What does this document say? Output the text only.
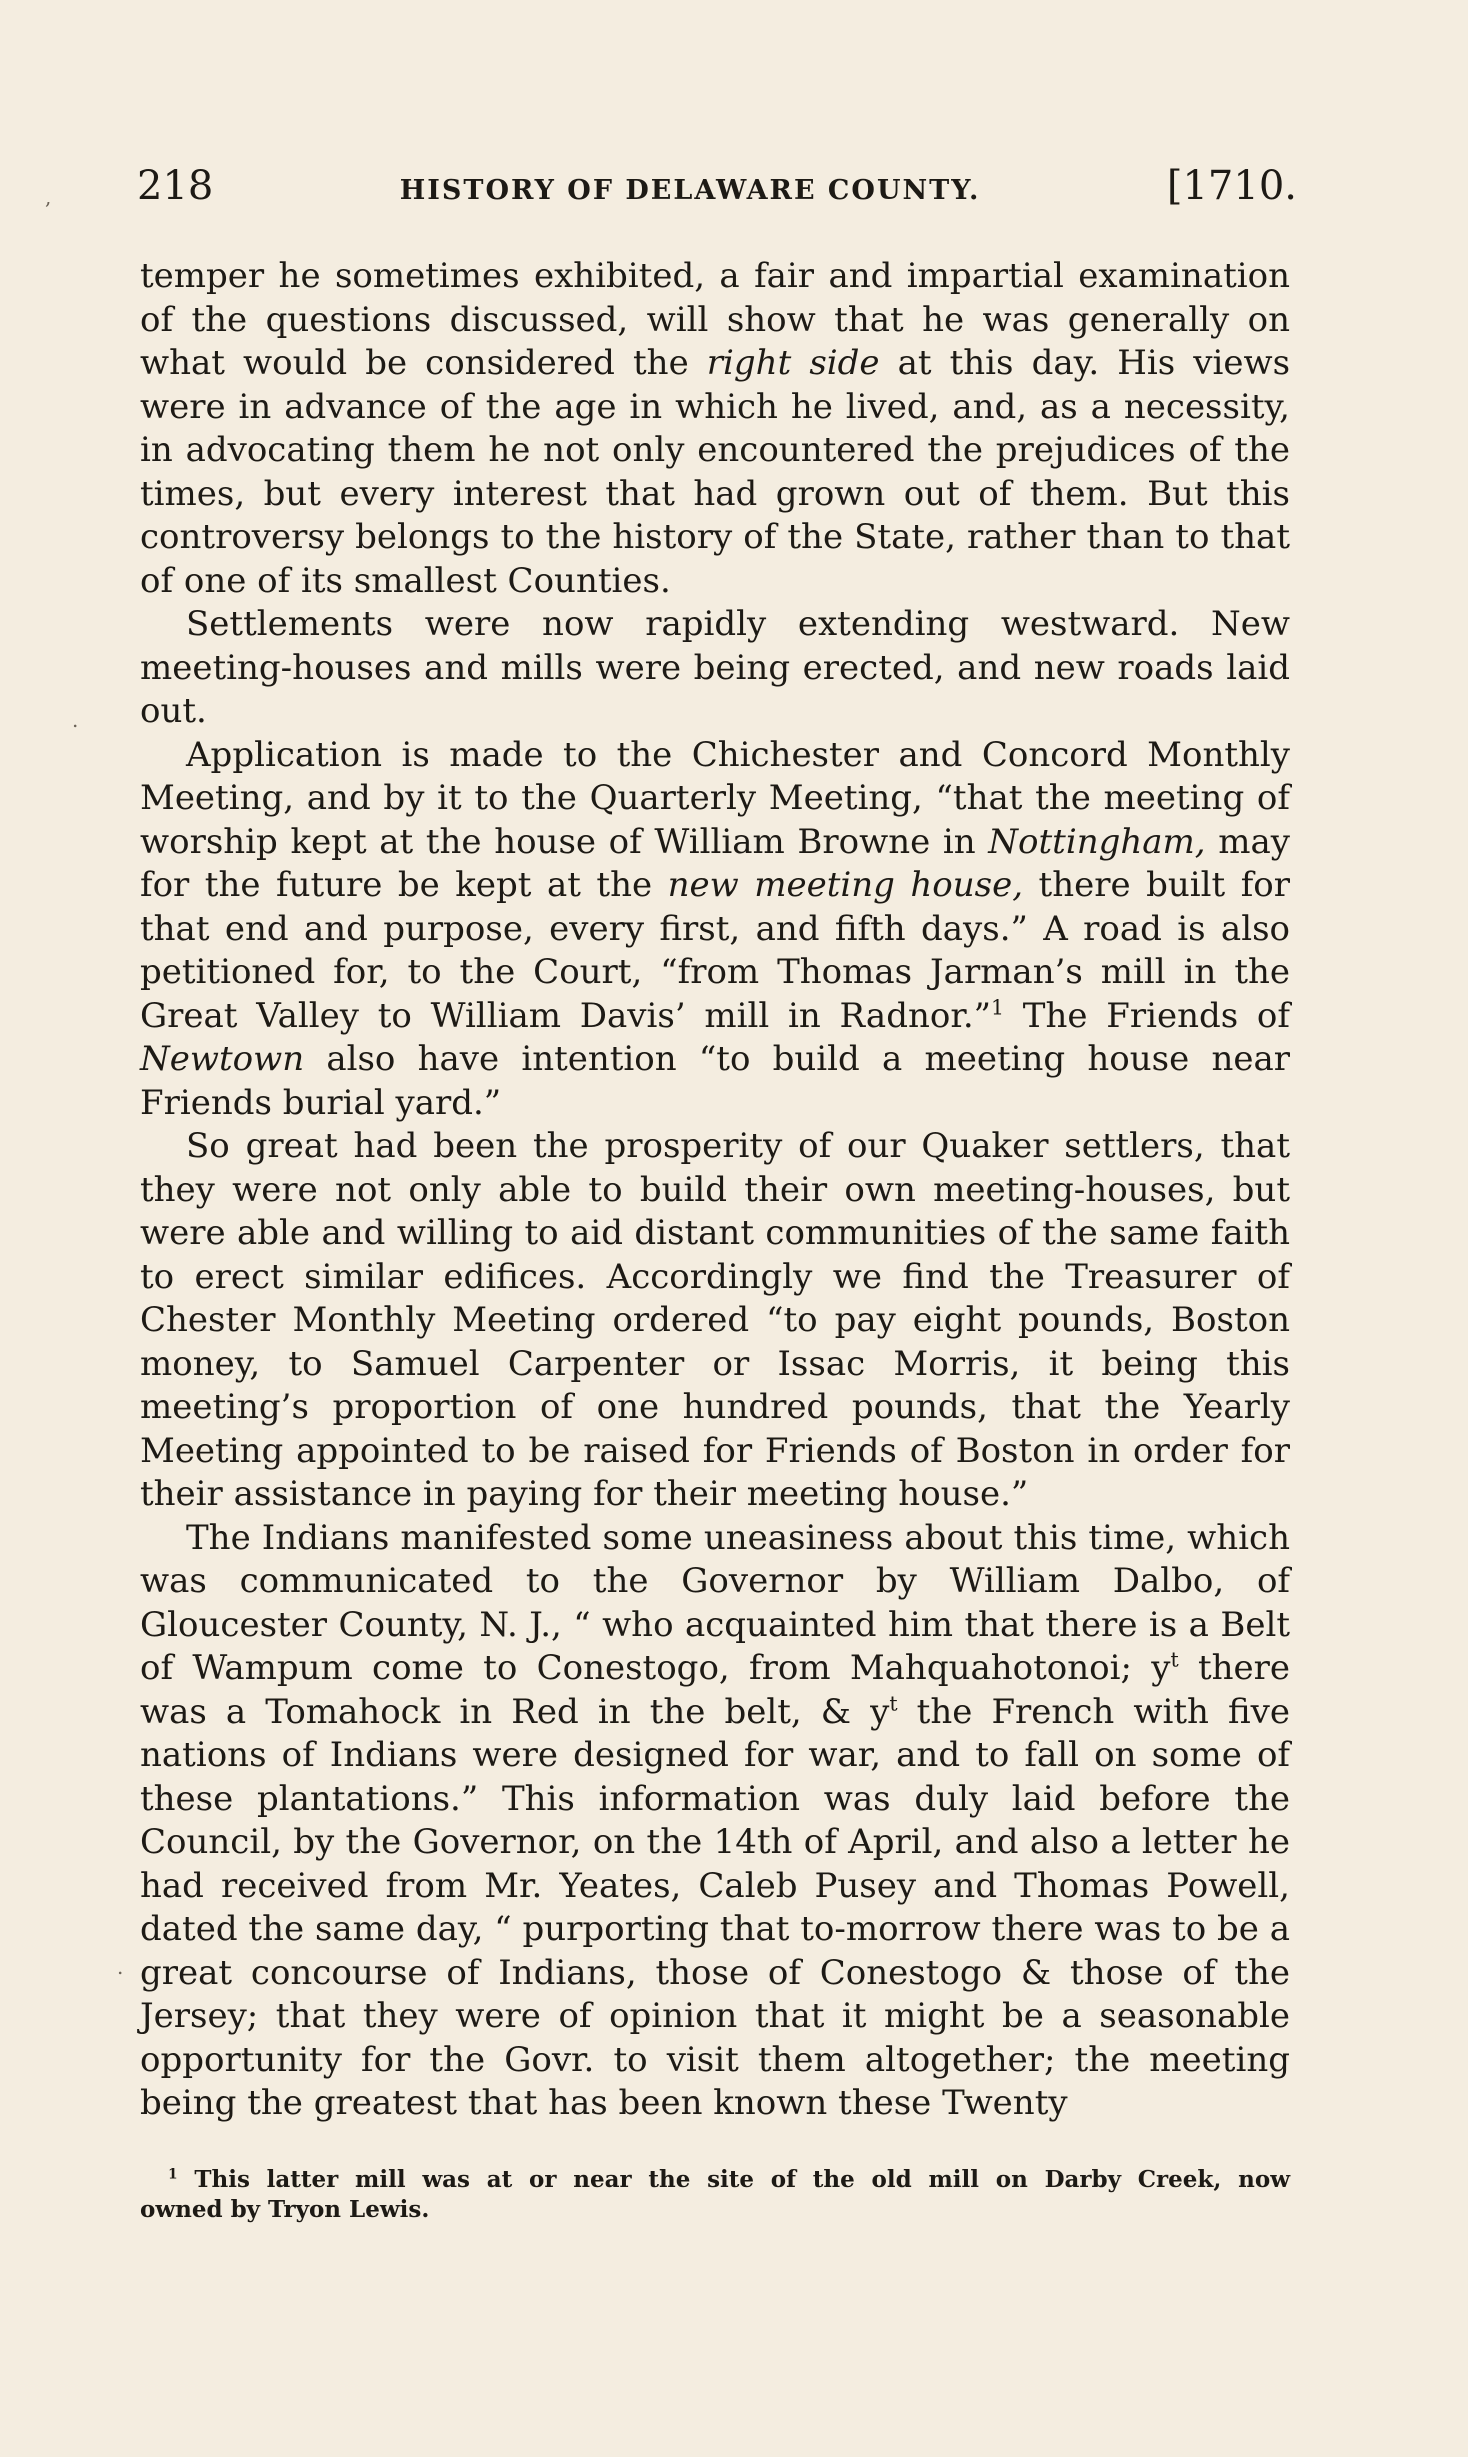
218	HISTORY OF DELAWARE COUNTY.	[1710.

temper he sometimes exhibited, a fair and impartial examination of the questions discussed, will show that he was generally on what would be considered the right side at this day. His views were in advance of the age in which he lived, and, as a necessity, in advocating them he not only encountered the prejudices of the times, but every interest that had grown out of them. But this controversy belongs to the history of the State, rather than to that of one of its smallest Counties.

Settlements were now rapidly extending westward. New meeting-houses and mills were being erected, and new roads laid out.

Application is made to the Chichester and Concord Monthly Meeting, and by it to the Quarterly Meeting, “that the meeting of worship kept at the house of William Browne in Nottingham, may for the future be kept at the new meeting house, there built for that end and purpose, every first, and fifth days.” A road is also petitioned for, to the Court, “from Thomas Jarman’s mill in the Great Valley to William Davis’ mill in Radnor.”$^1$ The Friends of Newtown also have intention “to build a meeting house near Friends burial yard.”

So great had been the prosperity of our Quaker settlers, that they were not only able to build their own meeting-houses, but were able and willing to aid distant communities of the same faith to erect similar edifices. Accordingly we find the Treasurer of Chester Monthly Meeting ordered “to pay eight pounds, Boston money, to Samuel Carpenter or Issac Morris, it being this meeting’s proportion of one hundred pounds, that the Yearly Meeting appointed to be raised for Friends of Boston in order for their assistance in paying for their meeting house.”

The Indians manifested some uneasiness about this time, which was communicated to the Governor by William Dalbo, of Gloucester County, N. J., “ who acquainted him that there is a Belt of Wampum come to Conestogo, from Mahquahotonoi; $y^t$ there was a Tomahock in Red in the belt, & $y^t$ the French with five nations of Indians were designed for war, and to fall on some of these plantations.” This information was duly laid before the Council, by the Governor, on the 14th of April, and also a letter he had received from Mr. Yeates, Caleb Pusey and Thomas Powell, dated the same day, “ purporting that to-morrow there was to be a great concourse of Indians, those of Conestogo & those of the Jersey; that they were of opinion that it might be a seasonable opportunity for the Govr. to visit them altogether; the meeting being the greatest that has been known these Twenty

$^1$ This latter mill was at or near the site of the old mill on Darby Creek, now

owned by Tryon Lewis.

,
.
.
